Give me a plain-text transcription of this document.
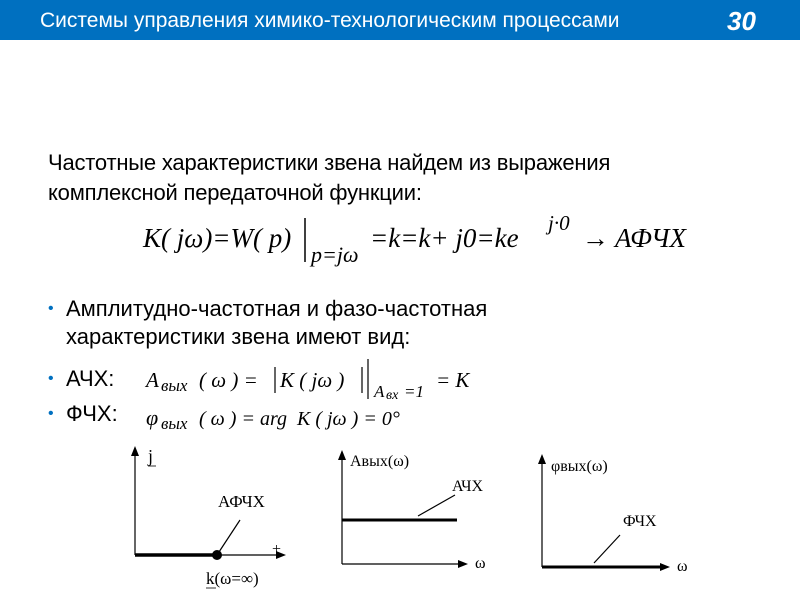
Системы управления химико-технологическим процессами	30
Частотные характеристики звена найдем из выражения
комплексной передаточной функции:
K( jω)=W( p)
p=jω
=k=k+ j0=ke j·0 → АФЧХ
• Амплитудно-частотная и фазо-частотная
характеристики звена имеют вид:
• АЧХ:
• ФЧХ:
A вых ( ω ) = K ( jω ) A вх =1 = K
φ вых ( ω ) = arg  K ( jω ) = 0°
j
+
АФЧХ
k(ω=∞)
Aвых(ω)
ω
АЧХ
φвых(ω)
ω
ФЧХ
